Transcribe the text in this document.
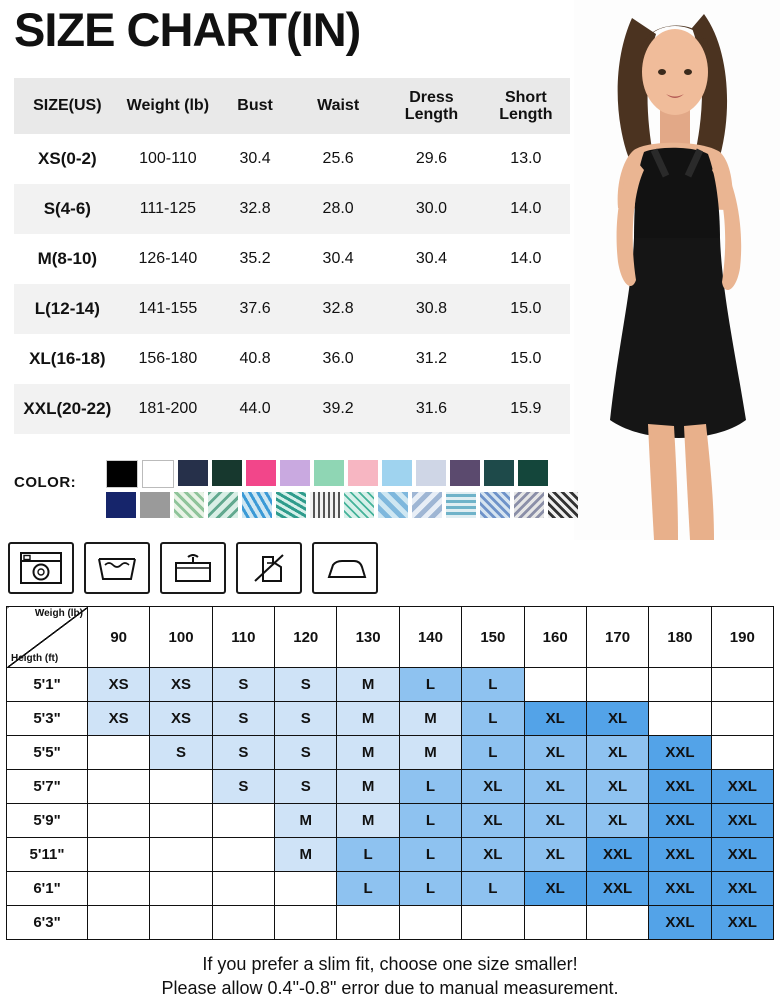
SIZE CHART(IN)
SIZE(US)	Weight (lb)	Bust	Waist	Dress Length	Short Length
XS(0-2)	100-110	30.4	25.6	29.6	13.0
S(4-6)	111-125	32.8	28.0	30.0	14.0
M(8-10)	126-140	35.2	30.4	30.4	14.0
L(12-14)	141-155	37.6	32.8	30.8	15.0
XL(16-18)	156-180	40.8	36.0	31.2	15.0
XXL(20-22)	181-200	44.0	39.2	31.6	15.9
COLOR:
Weigh (lb)
Heigth (ft)	90	100	110	120	130	140	150	160	170	180	190
5'1"	XS	XS	S	S	M	L	L				
5'3"	XS	XS	S	S	M	M	L	XL	XL		
5'5"		S	S	S	M	M	L	XL	XL	XXL	
5'7"			S	S	M	L	XL	XL	XL	XXL	XXL
5'9"				M	M	L	XL	XL	XL	XXL	XXL
5'11"				M	L	L	XL	XL	XXL	XXL	XXL
6'1"					L	L	L	XL	XXL	XXL	XXL
6'3"										XXL	XXL
If you prefer a slim fit, choose one size smaller!
Please allow 0.4"-0.8" error due to manual measurement.
